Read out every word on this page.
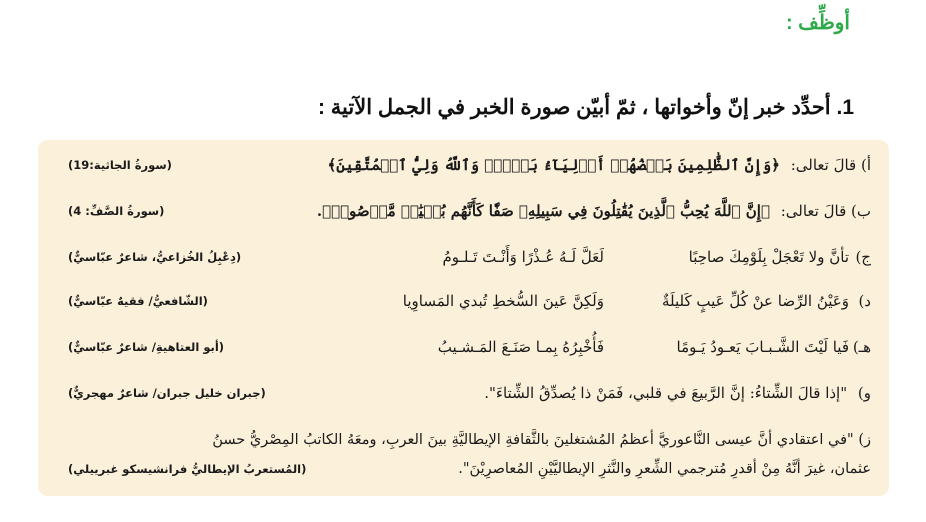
أوظِّف :
1. أحدِّد خبر إنّ وأخواتها ، ثمّ أبيّن صورة الخبر في الجمل الآتية :
أ) قالَ تعالى: ﴿وَإِنَّ ٱلظَّٰلِمِينَ بَعۡضُهُمۡ أَوۡلِيَآءُ بَعۡضٍۖ وَٱللَّهُ وَلِيُّ ٱلۡمُتَّقِينَ﴾
(سورةُ الجاثية:19)
ب) قالَ تعالى: ﴿إِنَّ ٱللَّهَ يُحِبُّ ٱلَّذِينَ يُقَٰتِلُونَ فِي سَبِيلِهِۦ صَفّٗا كَأَنَّهُم بُنۡيَٰنٞ مَّرۡصُوصٞ﴾.
(سورةُ الصَّفِّ: 4)
ج)
تأنَّ ولا تَعْجَلْ بِلَوْمِكَ صاحِبًا
لَعَلَّ لَـهُ عُـذْرًا وَأَنْـتَ تَـلـومُ
(دِعْبِلُ الخُزاعيُّ، شاعرٌ عبّاسيٌّ)
د)
وَعَيْنُ الرِّضا عنْ كُلِّ عَيبٍ كَليلَةٌ
وَلَكِنَّ عَينَ السُّخطِ تُبدي المَساوِيا
(الشّافعيُّ/ فقيهٌ عبّاسيٌّ)
هـ)
فَيا لَيْتَ الشَّـبـابَ يَعـودُ يَـومًا
فَأُخْبِرُهُ بِمـا صَنَـعَ المَـشـيبُ
(أبو العتاهيةِ/ شاعرٌ عبّاسيٌّ)
و) "إذا قالَ الشِّتاءُ: إنَّ الرَّبيعَ في قلبي، فَمَنْ ذا يُصدِّقُ الشِّتاءَ".
(جبران خليل جبران/ شاعرٌ مهجريٌّ)
ز) "في اعتقادي أنَّ عيسى النَّاعوريَّ أعظمُ المُشتغلينَ بالثَّقافةِ الإيطاليَّةِ بينَ العربِ، ومعَهُ الكاتبُ المِصْريُّ حسنُ
عثمان، غيرَ أنَّهُ مِنْ أقدرِ مُترجمي الشِّعرِ والنَّثرِ الإيطاليَّيْنِ المُعاصرِيْنَ".
(المُستعربُ الإيطاليُّ فرانشيسكو غبرييلي)
